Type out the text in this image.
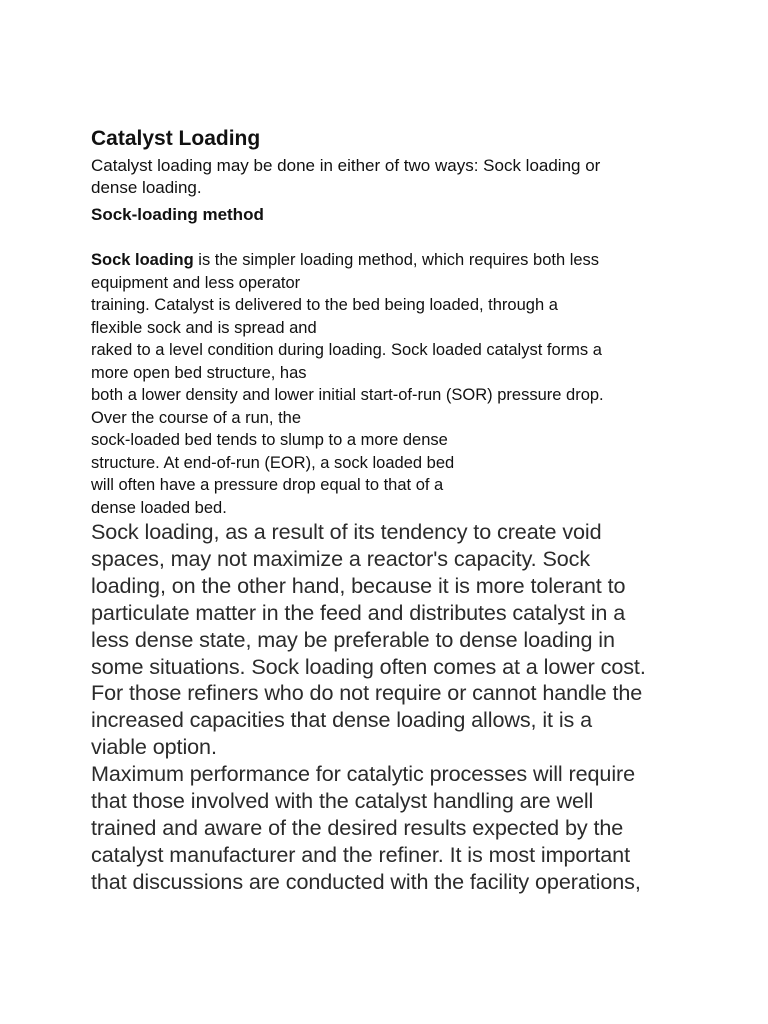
Catalyst Loading

Catalyst loading may be done in either of two ways: Sock loading or
dense loading.

Sock-loading method
Sock loading is the simpler loading method, which requires both less
equipment and less operator
training. Catalyst is delivered to the bed being loaded, through a
flexible sock and is spread and
raked to a level condition during loading. Sock loaded catalyst forms a
more open bed structure, has
both a lower density and lower initial start-of-run (SOR) pressure drop.
Over the course of a run, the
sock-loaded bed tends to slump to a more dense
structure. At end-of-run (EOR), a sock loaded bed
will often have a pressure drop equal to that of a
dense loaded bed.
Sock loading, as a result of its tendency to create void
spaces, may not maximize a reactor's capacity. Sock
loading, on the other hand, because it is more tolerant to
particulate matter in the feed and distributes catalyst in a
less dense state, may be preferable to dense loading in
some situations. Sock loading often comes at a lower cost.
For those refiners who do not require or cannot handle the
increased capacities that dense loading allows, it is a
viable option.
Maximum performance for catalytic processes will require
that those involved with the catalyst handling are well
trained and aware of the desired results expected by the
catalyst manufacturer and the refiner. It is most important
that discussions are conducted with the facility operations,
